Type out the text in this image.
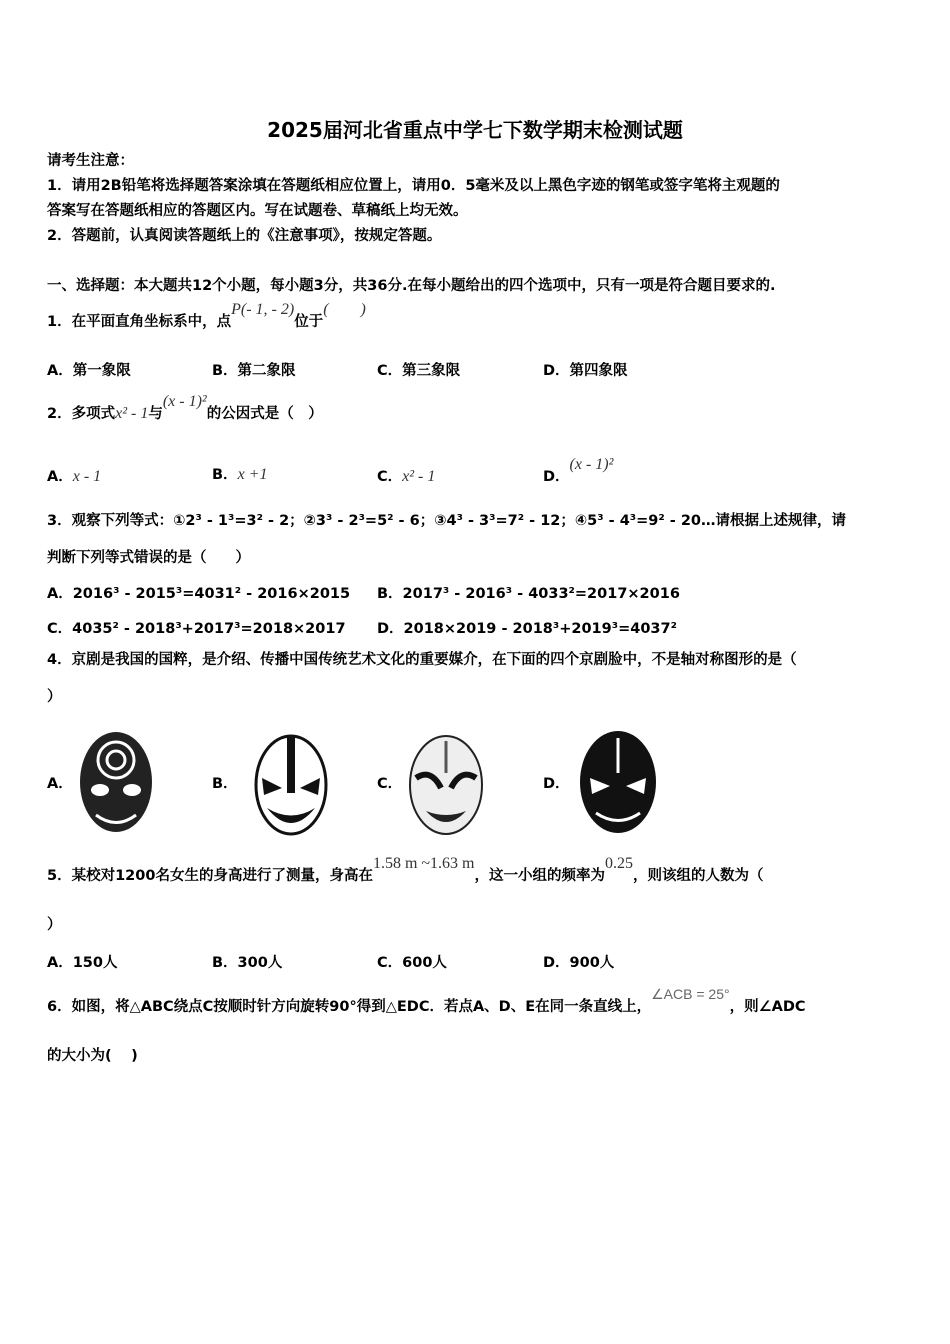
2025届河北省重点中学七下数学期末检测试题
请考生注意：
1．请用2B铅笔将选择题答案涂填在答题纸相应位置上，请用0．5毫米及以上黑色字迹的钢笔或签字笔将主观题的
答案写在答题纸相应的答题区内。写在试题卷、草稿纸上均无效。
2．答题前，认真阅读答题纸上的《注意事项》，按规定答题。
一、选择题：本大题共12个小题，每小题3分，共36分.在每小题给出的四个选项中，只有一项是符合题目要求的.
1．在平面直角坐标系中，点P(- 1, - 2)位于(　　)
A．第一象限	B．第二象限	C．第三象限	D．第四象限
2．多项式x² - 1与(x - 1)²的公因式是（　）
A．x - 1	B．x +1	C．x² - 1	D．(x - 1)²
3．观察下列等式：①2³ - 1³=3² - 2；②3³ - 2³=5² - 6；③4³ - 3³=7² - 12；④5³ - 4³=9² - 20…请根据上述规律，请
判断下列等式错误的是（　　）
A．2016³ - 2015³=4031² - 2016×2015 B．2017³ - 2016³ - 4033²=2017×2016
C．4035² - 2018³+2017³=2018×2017 D．2018×2019 - 2018³+2019³=4037²
4．京剧是我国的国粹，是介绍、传播中国传统艺术文化的重要媒介，在下面的四个京剧脸中，不是轴对称图形的是（
）
A．	B．	C．	D．
5．某校对1200名女生的身高进行了测量，身高在1.58 m ~1.63 m，这一小组的频率为0.25，则该组的人数为（
）
A．150人	B．300人	C．600人	D．900人
6．如图，将△ABC绕点C按顺时针方向旋转90°得到△EDC．若点A、D、E在同一条直线上，∠ACB = 25°，则∠ADC
的大小为(　 )
